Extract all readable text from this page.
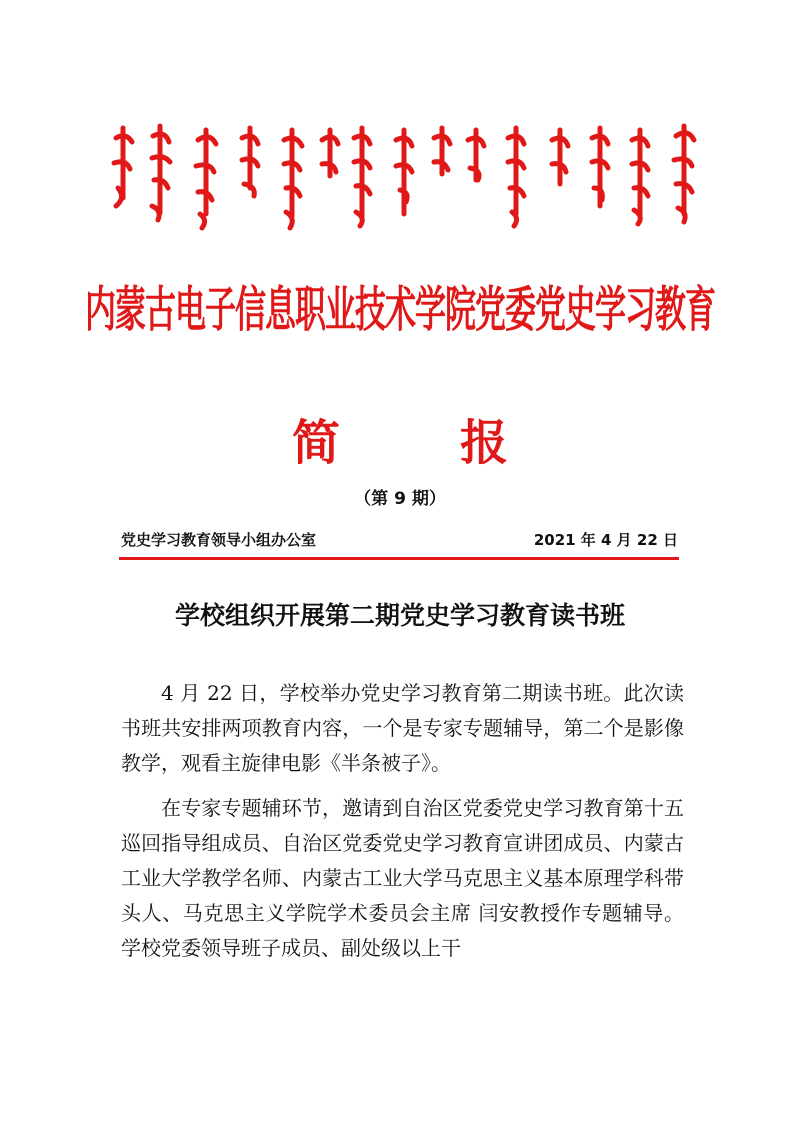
内蒙古电子信息职业技术学院党委党史学习教育
简	报
（第 9 期）
党史学习教育领导小组办公室	2021 年 4 月 22 日
学校组织开展第二期党史学习教育读书班

4 月 22 日，学校举办党史学习教育第二期读书班。此次读书班共安排两项教育内容，一个是专家专题辅导，第二个是影像教学，观看主旋律电影《半条被子》。

在专家专题辅环节，邀请到自治区党委党史学习教育第十五巡回指导组成员、自治区党委党史学习教育宣讲团成员、内蒙古工业大学教学名师、内蒙古工业大学马克思主义基本原理学科带头人、马克思主义学院学术委员会主席 闫安教授作专题辅导。学校党委领导班子成员、副处级以上干
